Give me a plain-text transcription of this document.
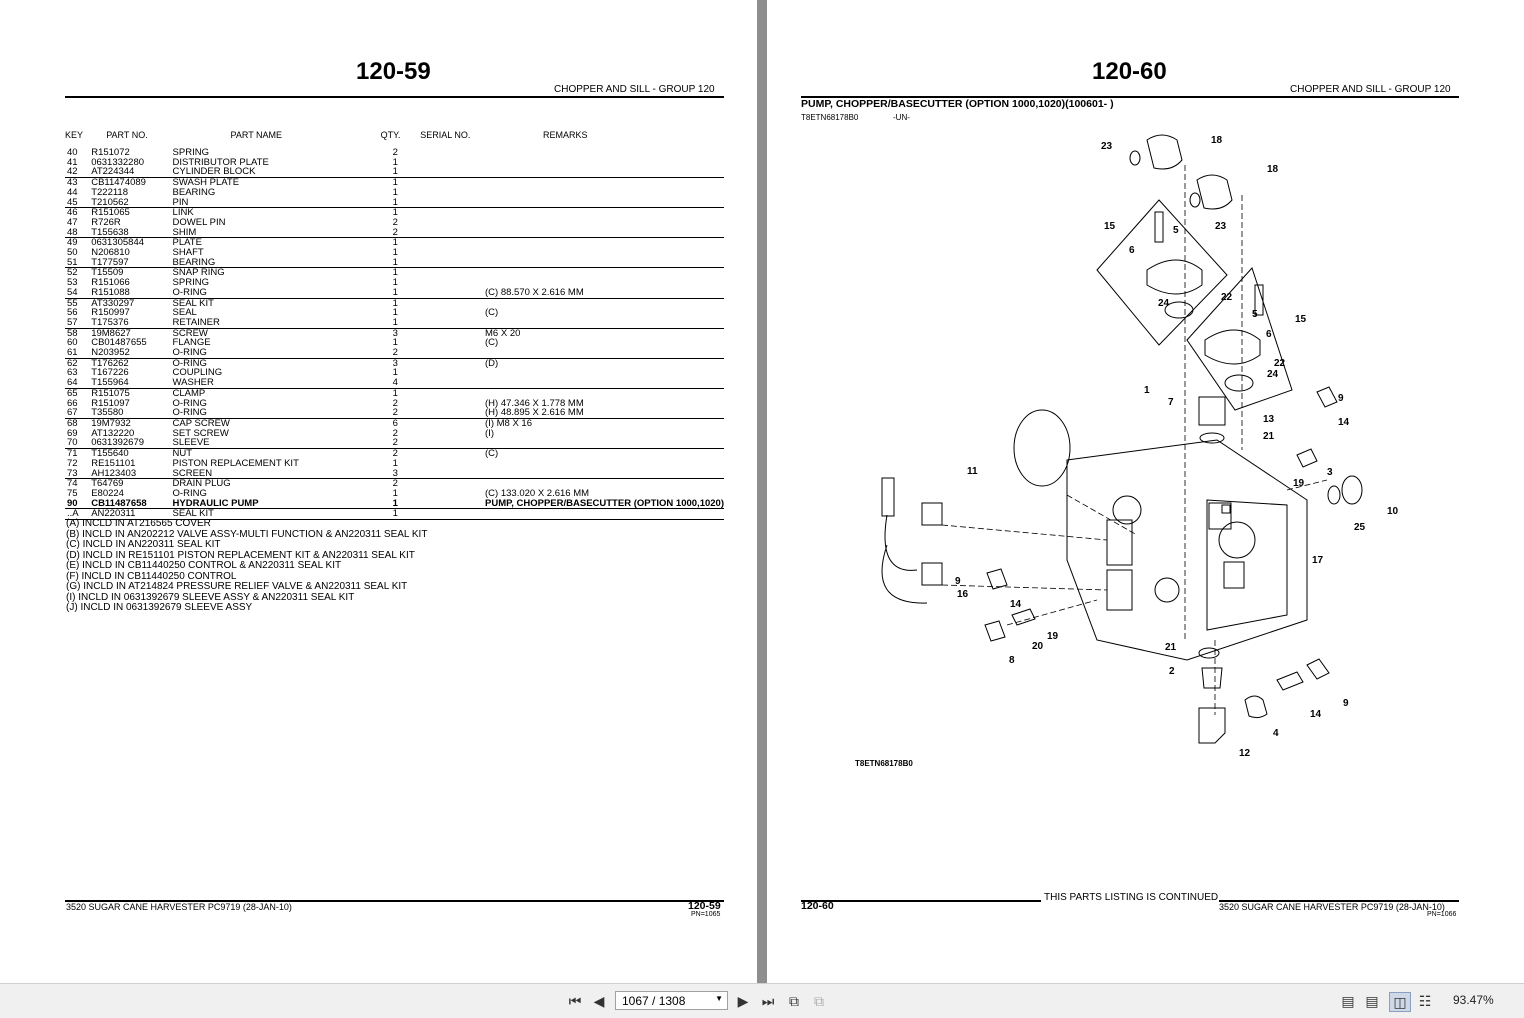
120-59
CHOPPER AND SILL - GROUP 120
KEY	PART NO.	PART NAME	QTY.	SERIAL NO.	REMARKS
40	R151072	SPRING	2		
41	0631332280	DISTRIBUTOR PLATE	1		
42	AT224344	CYLINDER BLOCK	1		
43	CB11474089	SWASH PLATE	1		
44	T222118	BEARING	1		
45	T210562	PIN	1		
46	R151065	LINK	1		
47	R726R	DOWEL PIN	2		
48	T155638	SHIM	2		
49	0631305844	PLATE	1		
50	N206810	SHAFT	1		
51	T177597	BEARING	1		
52	T15509	SNAP RING	1		
53	R151066	SPRING	1		
54	R151088	O-RING	1		(C) 88.570 X 2.616 MM
55	AT330297	SEAL KIT	1		
56	R150997	SEAL	1		(C)
57	T175376	RETAINER	1		
58	19M8627	SCREW	3		M6 X 20
60	CB01487655	FLANGE	1		(C)
61	N203952	O-RING	2		
62	T176262	O-RING	3		(D)
63	T167226	COUPLING	1		
64	T155964	WASHER	4		
65	R151075	CLAMP	1		
66	R151097	O-RING	2		(H) 47.346 X 1.778 MM
67	T35580	O-RING	2		(H) 48.895 X 2.616 MM
68	19M7932	CAP SCREW	6		(I) M8 X 16
69	AT132220	SET SCREW	2		(I)
70	0631392679	SLEEVE	2		
71	T155640	NUT	2		(C)
72	RE151101	PISTON REPLACEMENT KIT	1		
73	AH123403	SCREEN	3		
74	T64769	DRAIN PLUG	2		
75	E80224	O-RING	1		(C) 133.020 X 2.616 MM
90	CB11487658	HYDRAULIC PUMP	1		PUMP, CHOPPER/BASECUTTER (OPTION 1000,1020)
..A	AN220311	SEAL KIT	1		
(A) INCLD IN AT216565 COVER
(B) INCLD IN AN202212 VALVE ASSY-MULTI FUNCTION & AN220311 SEAL KIT
(C) INCLD IN AN220311 SEAL KIT
(D) INCLD IN RE151101 PISTON REPLACEMENT KIT & AN220311 SEAL KIT
(E) INCLD IN CB11440250 CONTROL & AN220311 SEAL KIT
(F) INCLD IN CB11440250 CONTROL
(G) INCLD IN AT214824 PRESSURE RELIEF VALVE & AN220311 SEAL KIT
(I) INCLD IN 0631392679 SLEEVE ASSY & AN220311 SEAL KIT
(J) INCLD IN 0631392679 SLEEVE ASSY
3520 SUGAR CANE HARVESTER PC9719 (28-JAN-10)	120-59
PN=1065
120-60
CHOPPER AND SILL - GROUP 120
PUMP, CHOPPER/BASECUTTER (OPTION 1000,1020)(100601- )
T8ETN68178B0	-UN-
23
18
18
23
15	5
6
24
22
5	15
6
22
24
1
7
13
21
9
14
3
19
10
25
11
17
9
16
14
19
20
8
21
2
9
14
4
12
T8ETN68178B0
THIS PARTS LISTING IS CONTINUED
120-60	3520 SUGAR CANE HARVESTER PC9719 (28-JAN-10)
PN=1066
⏮ ◀ 1067 / 1308	▼ ▶ ⏭ ⧉ ⧉	▤ ▤	◫ ☷ 93.47%
